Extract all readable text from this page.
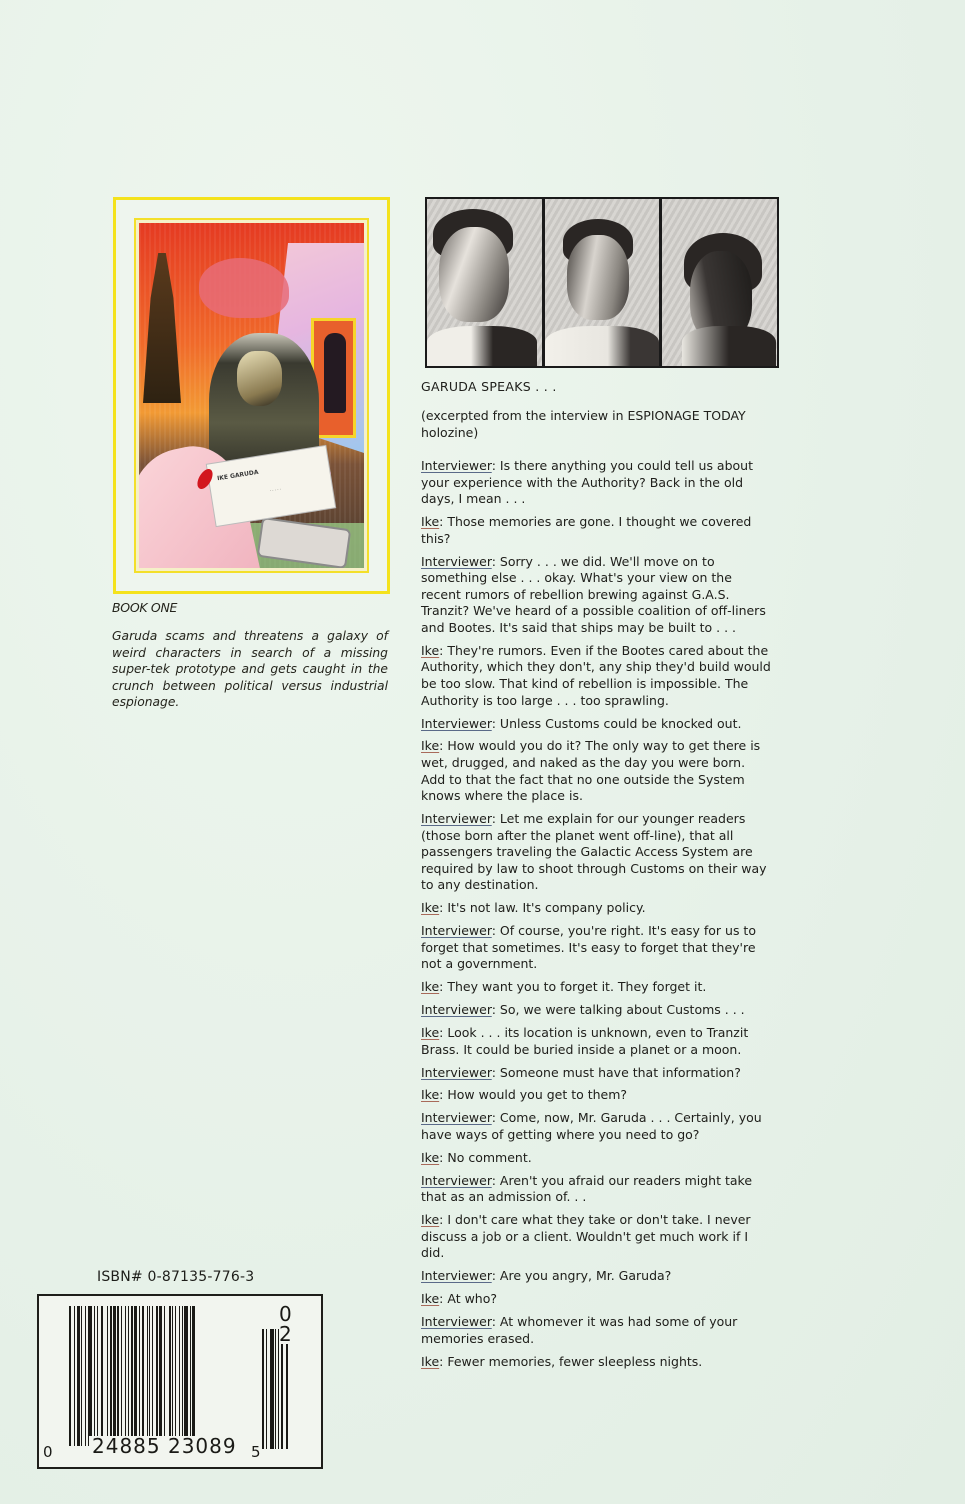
IKE GARUDA
· · · · ·
BOOK ONE
Garuda scams and threatens a galaxy of weird characters in search of a missing super-tek prototype and gets caught in the crunch between political versus industrial espionage.
ISBN# 0-87135-776-3
0 24885 23089 5
0 2
GARUDA SPEAKS . . .
(excerpted from the interview in ESPIONAGE TODAY holozine)

Interviewer: Is there anything you could tell us about your experience with the Authority? Back in the old days, I mean . . .

Ike: Those memories are gone. I thought we covered this?

Interviewer: Sorry . . . we did. We'll move on to something else . . . okay. What's your view on the recent rumors of rebellion brewing against G.A.S. Tranzit? We've heard of a possible coalition of off-liners and Bootes. It's said that ships may be built to . . .

Ike: They're rumors. Even if the Bootes cared about the Authority, which they don't, any ship they'd build would be too slow. That kind of rebellion is impossible. The Authority is too large . . . too sprawling.

Interviewer: Unless Customs could be knocked out.

Ike: How would you do it? The only way to get there is wet, drugged, and naked as the day you were born. Add to that the fact that no one outside the System knows where the place is.

Interviewer: Let me explain for our younger readers (those born after the planet went off-line), that all passengers traveling the Galactic Access System are required by law to shoot through Customs on their way to any destination.

Ike: It's not law. It's company policy.

Interviewer: Of course, you're right. It's easy for us to forget that sometimes. It's easy to forget that they're not a government.

Ike: They want you to forget it. They forget it.

Interviewer: So, we were talking about Customs . . .

Ike: Look . . . its location is unknown, even to Tranzit Brass. It could be buried inside a planet or a moon.

Interviewer: Someone must have that information?

Ike: How would you get to them?

Interviewer: Come, now, Mr. Garuda . . . Certainly, you have ways of getting where you need to go?

Ike: No comment.

Interviewer: Aren't you afraid our readers might take that as an admission of. . .

Ike: I don't care what they take or don't take. I never discuss a job or a client. Wouldn't get much work if I did.

Interviewer: Are you angry, Mr. Garuda?

Ike: At who?

Interviewer: At whomever it was had some of your memories erased.

Ike: Fewer memories, fewer sleepless nights.
